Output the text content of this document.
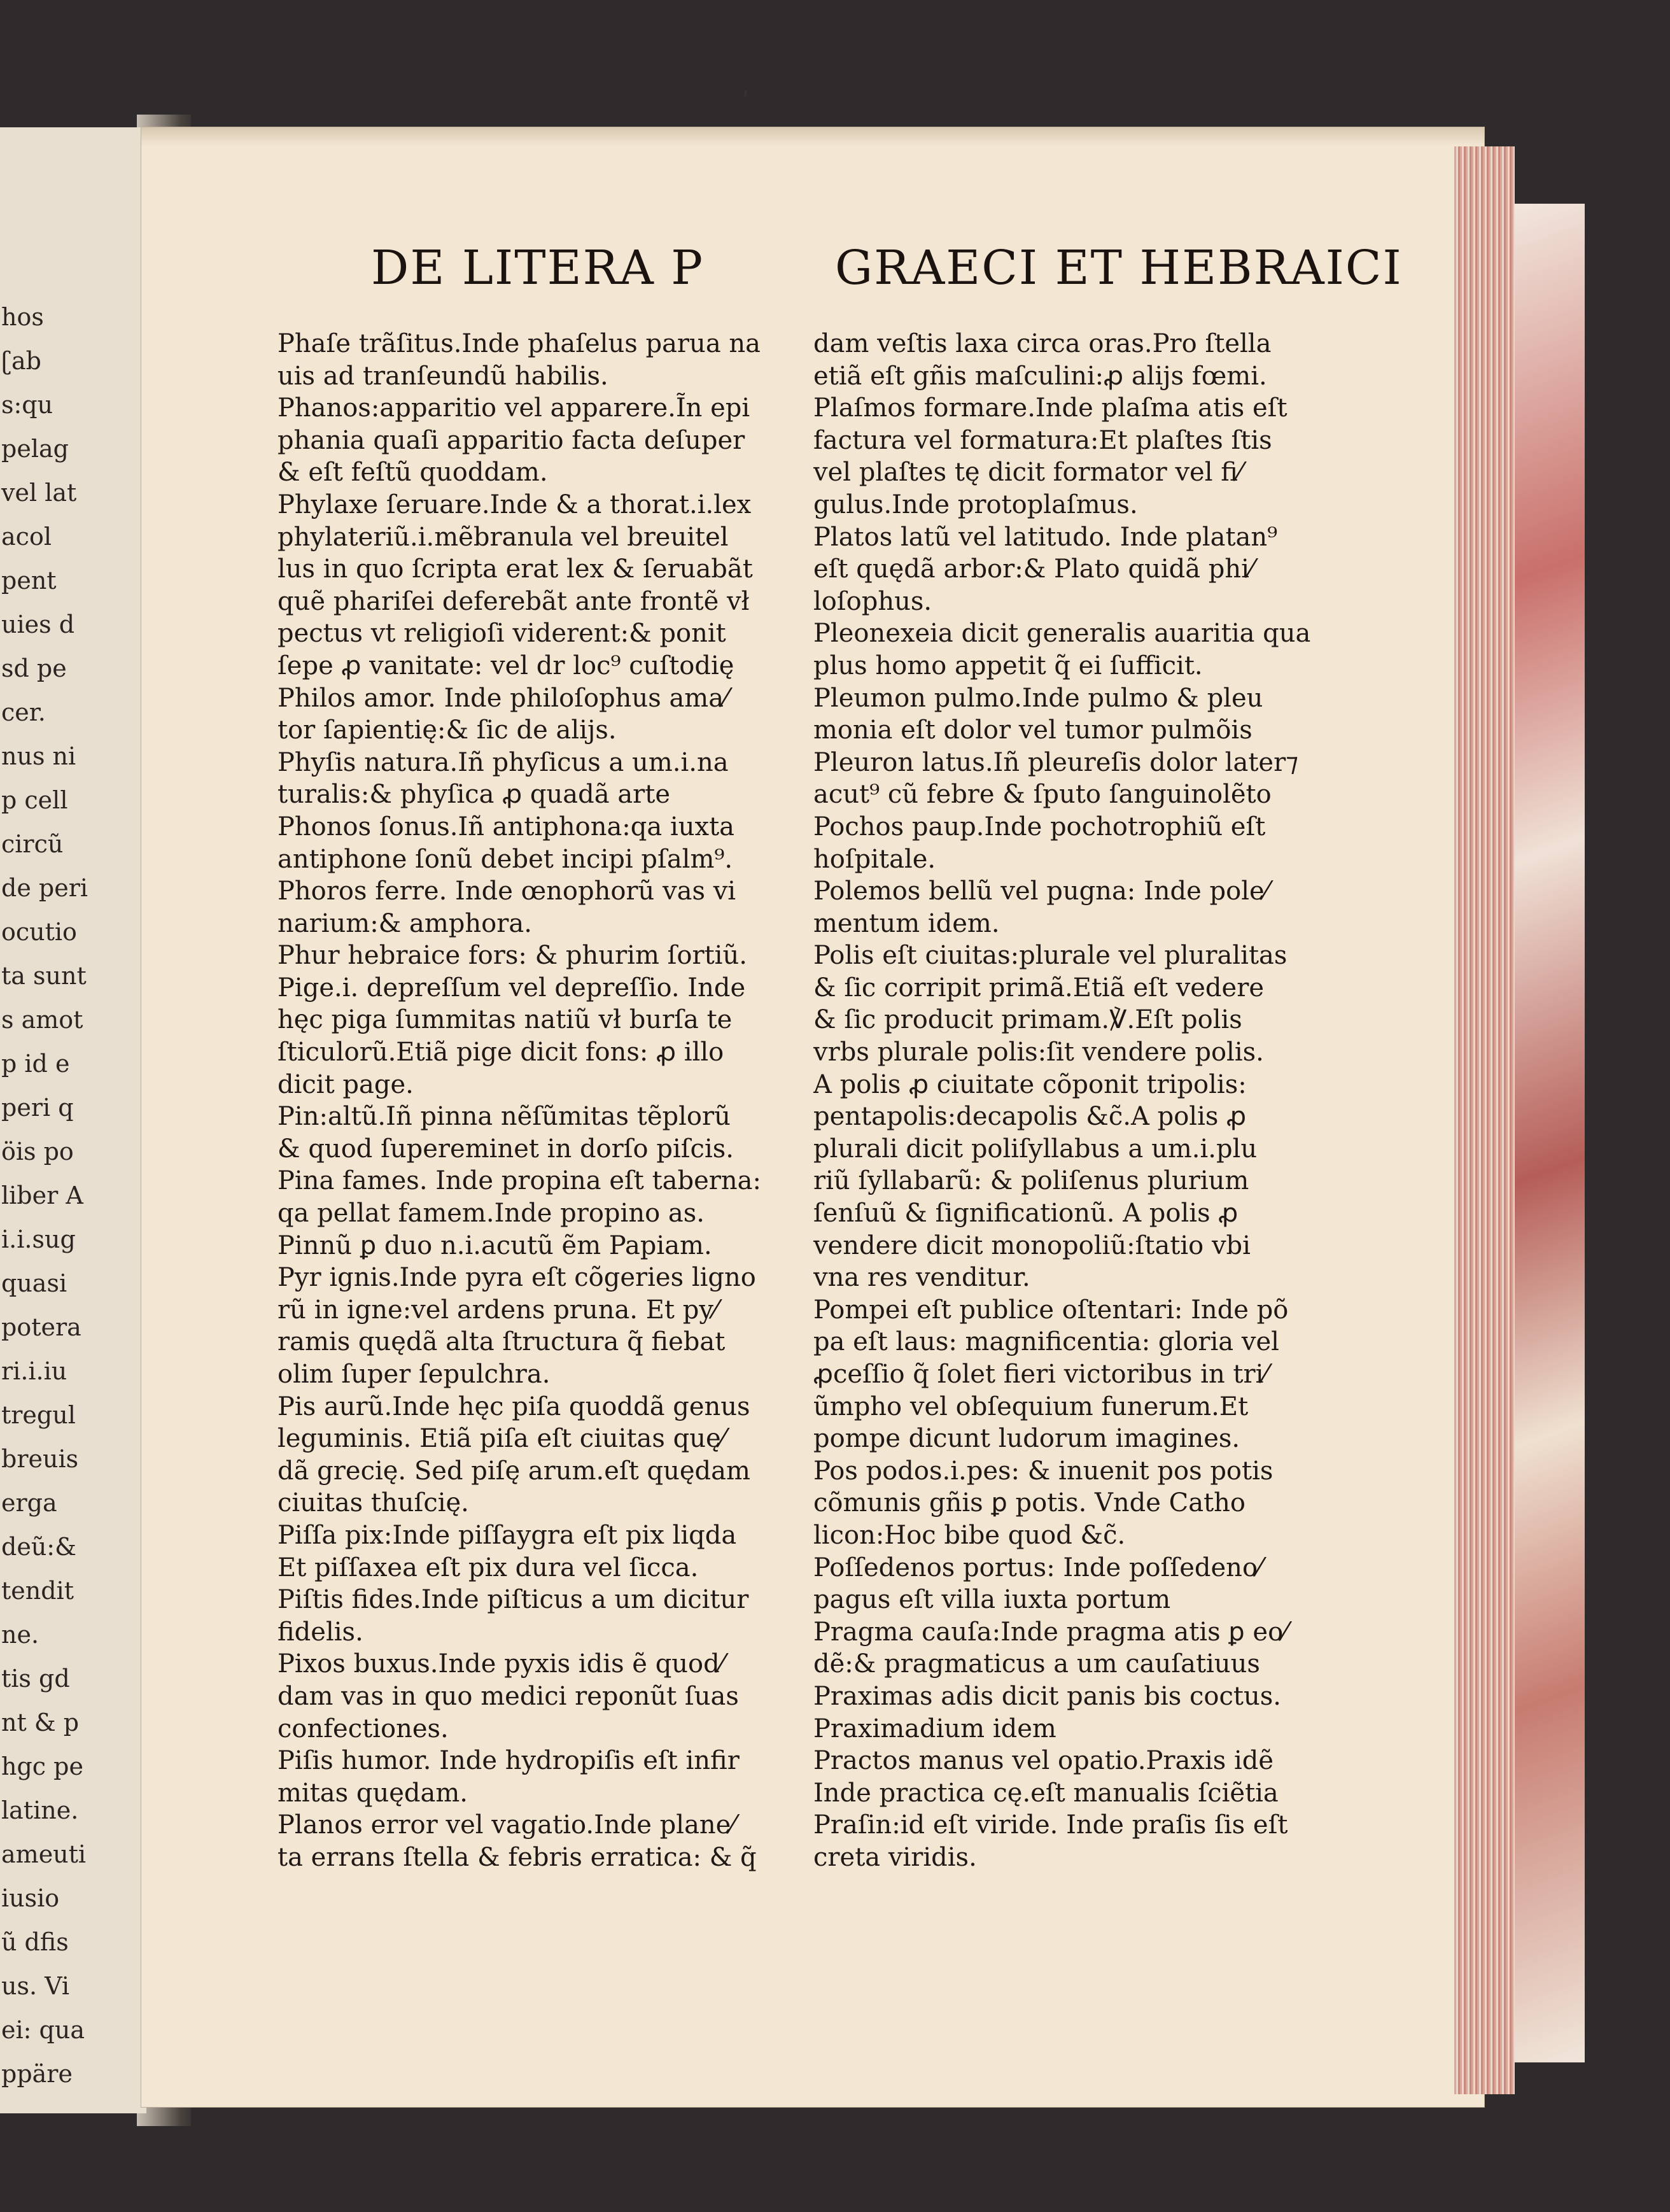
hos
ʗab
s:qu
pelag
vel lat
acol
pent
uies d
sd pe
cer.
nus ni
p cell
circũ
de peri
ocutio
ta sunt
s amot
p id e
peri q
öis po
liber A
i.i.sug
quasi
potera
ri.i.iu
tregul
breuis
erga
deũ:&
tendit
ne.
tis gd
nt & p
hgc pe
latine.
ameuti
iusio
ũ dfis
us. Vi
ei: qua
ppäre
ʹ
DE LITERA P	GRAECI ET HEBRAICI
Phaſe trãſitus.Inde phaſelus parua na
uis ad tranſeundũ habilis.
Phanos:apparitio vel apparere.Ĩn epi
phania quaſi apparitio facta deſuper
& eſt feſtũ quoddam.
Phylaxe ſeruare.Inde & a thorat.i.lex
phylateriũ.i.mẽbranula vel breuitel
lus in quo ſcripta erat lex & ſeruabãt
quẽ phariſei deferebãt ante frontẽ vł
pectus vt religioſi viderent:& ponit
ſepe ꝓ vanitate: vel dr loc⁹ cuſtodię
Philos amor. Inde philoſophus ama⁄
tor ſapientię:& ſic de alijs.
Phyſis natura.Iñ phyſicus a um.i.na
turalis:& phyſica ꝓ quadã arte
Phonos ſonus.Iñ antiphona:qa iuxta
antiphone ſonũ debet incipi pſalm⁹.
Phoros ferre. Inde œnophorũ vas vi
narium:& amphora.
Phur hebraice fors: & phurim ſortiũ.
Pige.i. depreſſum vel depreſſio. Inde
hęc piga ſummitas natiũ vł burſa te
ſticulorũ.Etiã pige dicit fons: ꝓ illo
dicit page.
Pin:altũ.Iñ pinna nẽſũmitas tẽplorũ
& quod ſupereminet in dorſo piſcis.
Pina fames. Inde propina eſt taberna:
qa pellat famem.Inde propino as.
Pinnũ ꝑ duo n.i.acutũ ẽm Papiam.
Pyr ignis.Inde pyra eſt cõgeries ligno
rũ in igne:vel ardens pruna. Et py⁄
ramis quędã alta ſtructura q̃ fiebat
olim ſuper ſepulchra.
Pis aurũ.Inde hęc piſa quoddã genus
leguminis. Etiã piſa eſt ciuitas quę⁄
dã grecię. Sed piſę arum.eſt quędam
ciuitas thuſcię.
Piſſa pix:Inde piſſaygra eſt pix liqda
Et piſſaxea eſt pix dura vel ſicca.
Piſtis fides.Inde piſticus a um dicitur
fidelis.
Pixos buxus.Inde pyxis idis ẽ quod⁄
dam vas in quo medici reponũt ſuas
confectiones.
Piſis humor. Inde hydropiſis eſt infir
mitas quędam.
Planos error vel vagatio.Inde plane⁄
ta errans ſtella & febris erratica: & q̃
dam veſtis laxa circa oras.Pro ſtella
etiã eſt gñis maſculini:ꝓ alijs fœmi.
Plaſmos formare.Inde plaſma atis eſt
factura vel formatura:Et plaſtes ſtis
vel plaſtes tę dicit formator vel fi⁄
gulus.Inde protoplaſmus.
Platos latũ vel latitudo. Inde platan⁹
eſt quędã arbor:& Plato quidã phi⁄
loſophus.
Pleonexeia dicit generalis auaritia qua
plus homo appetit q̃ ei ſufficit.
Pleumon pulmo.Inde pulmo & pleu
monia eſt dolor vel tumor pulmõis
Pleuron latus.Iñ pleureſis dolor later⁊
acut⁹ cũ febre & ſputo ſanguinolẽto
Pochos paup.Inde pochotrophiũ eſt
hoſpitale.
Polemos bellũ vel pugna: Inde pole⁄
mentum idem.
Polis eſt ciuitas:plurale vel pluralitas
& ſic corripit primã.Etiã eſt vedere
& ſic producit primam.℣.Eſt polis
vrbs plurale polis:ſit vendere polis.
A polis ꝓ ciuitate cõponit tripolis:
pentapolis:decapolis &c̃.A polis ꝓ
plurali dicit poliſyllabus a um.i.plu
riũ ſyllabarũ: & poliſenus plurium
ſenſuũ & ſignificationũ. A polis ꝓ
vendere dicit monopoliũ:ſtatio vbi
vna res venditur.
Pompei eſt publice oſtentari: Inde põ
pa eſt laus: magnificentia: gloria vel
ꝓceſſio q̃ ſolet fieri victoribus in tri⁄
ũmpho vel obſequium funerum.Et
pompe dicunt ludorum imagines.
Pos podos.i.pes: & inuenit pos potis
cõmunis gñis ꝑ potis. Vnde Catho
licon:Hoc bibe quod &c̃.
Poſſedenos portus: Inde poſſedeno⁄
pagus eſt villa iuxta portum
Pragma cauſa:Inde pragma atis ꝑ eo⁄
dẽ:& pragmaticus a um cauſatiuus
Praximas adis dicit panis bis coctus.
Praximadium idem
Practos manus vel opatio.Praxis idẽ
Inde practica cę.eſt manualis ſciẽtia
Praſin:id eſt viride. Inde praſis ſis eſt
creta viridis.
